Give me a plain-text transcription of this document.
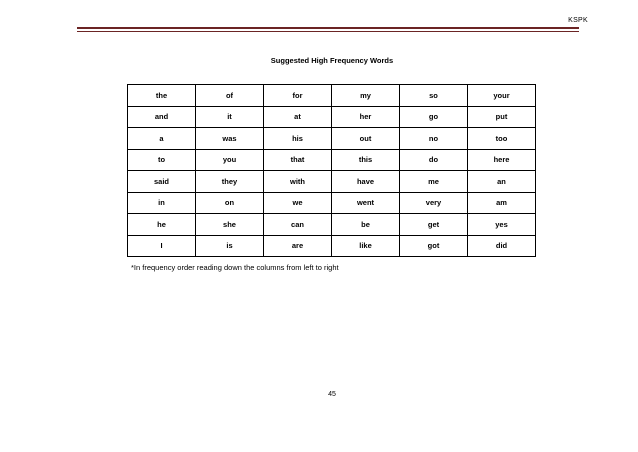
KSPK
Suggested High Frequency Words
the	of	for	my	so	your
and	it	at	her	go	put
a	was	his	out	no	too
to	you	that	this	do	here
said	they	with	have	me	an
in	on	we	went	very	am
he	she	can	be	get	yes
I	is	are	like	got	did
*In frequency order reading down the columns from left to right
45
